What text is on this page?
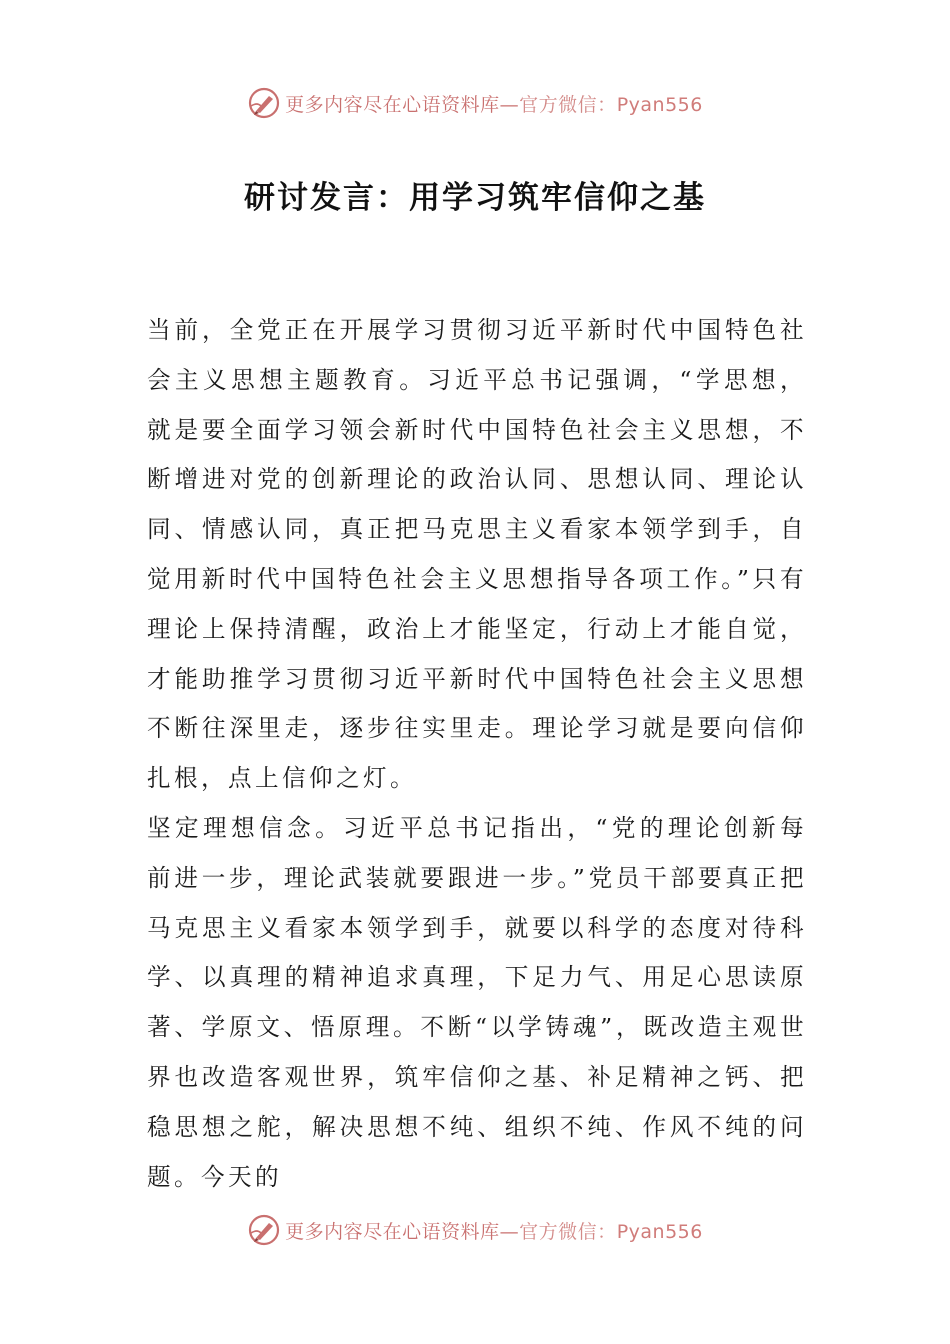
更多内容尽在心语资料库—官方微信：Pyan556
研讨发言：用学习筑牢信仰之基

当前，全党正在开展学习贯彻习近平新时代中国特色社会主义思想主题教育。习近平总书记强调，“学思想，就是要全面学习领会新时代中国特色社会主义思想，不断增进对党的创新理论的政治认同、思想认同、理论认同、情感认同，真正把马克思主义看家本领学到手，自觉用新时代中国特色社会主义思想指导各项工作。”只有理论上保持清醒，政治上才能坚定，行动上才能自觉，才能助推学习贯彻习近平新时代中国特色社会主义思想不断往深里走，逐步往实里走。理论学习就是要向信仰扎根，点上信仰之灯。

坚定理想信念。习近平总书记指出，“党的理论创新每前进一步，理论武装就要跟进一步。”党员干部要真正把马克思主义看家本领学到手，就要以科学的态度对待科学、以真理的精神追求真理，下足力气、用足心思读原著、学原文、悟原理。不断“以学铸魂”，既改造主观世界也改造客观世界，筑牢信仰之基、补足精神之钙、把稳思想之舵，解决思想不纯、组织不纯、作风不纯的问题。今天的

更多内容尽在心语资料库—官方微信：Pyan556
